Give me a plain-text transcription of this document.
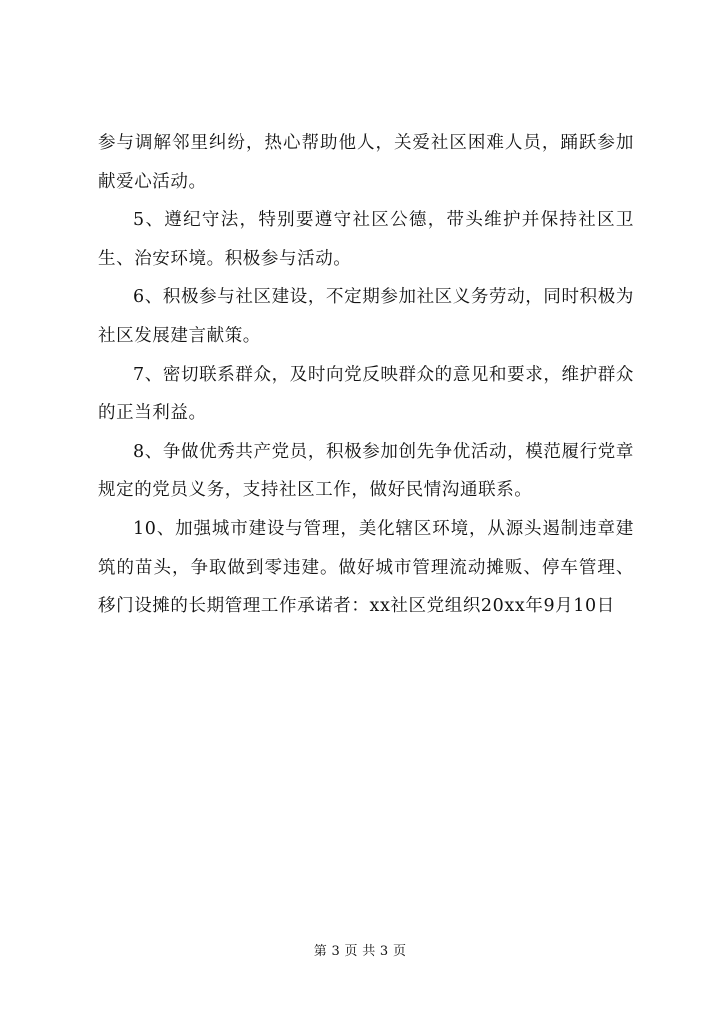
参与调解邻里纠纷，热心帮助他人，关爱社区困难人员，踊跃参加献爱心活动。

5、遵纪守法，特别要遵守社区公德，带头维护并保持社区卫生、治安环境。积极参与活动。

6、积极参与社区建设，不定期参加社区义务劳动，同时积极为社区发展建言献策。

7、密切联系群众，及时向党反映群众的意见和要求，维护群众的正当利益。

8、争做优秀共产党员，积极参加创先争优活动，模范履行党章规定的党员义务，支持社区工作，做好民情沟通联系。

10、加强城市建设与管理，美化辖区环境，从源头遏制违章建筑的苗头，争取做到零违建。做好城市管理流动摊贩、停车管理、移门设摊的长期管理工作承诺者：xx社区党组织20xx年9月10日

第 3 页 共 3 页
